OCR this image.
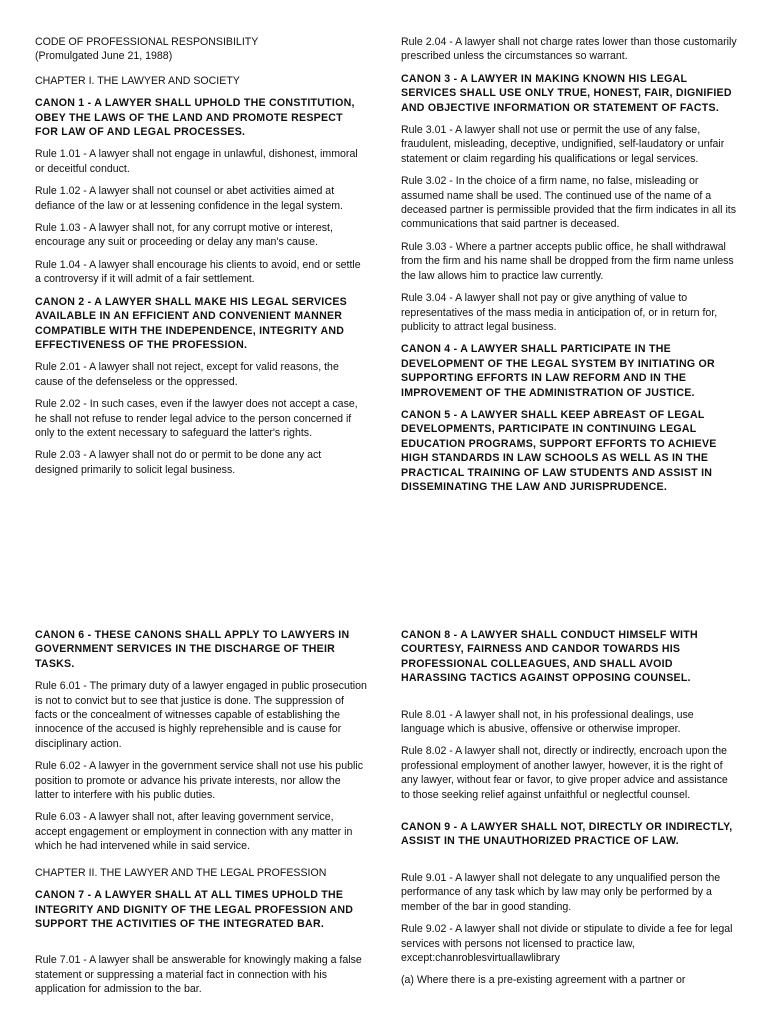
CODE OF PROFESSIONAL RESPONSIBILITY
(Promulgated June 21, 1988)

CHAPTER I. THE LAWYER AND SOCIETY

CANON 1 - A LAWYER SHALL UPHOLD THE CONSTITUTION, OBEY THE LAWS OF THE LAND AND PROMOTE RESPECT FOR LAW OF AND LEGAL PROCESSES.

Rule 1.01 - A lawyer shall not engage in unlawful, dishonest, immoral or deceitful conduct.

Rule 1.02 - A lawyer shall not counsel or abet activities aimed at defiance of the law or at lessening confidence in the legal system.

Rule 1.03 - A lawyer shall not, for any corrupt motive or interest, encourage any suit or proceeding or delay any man's cause.

Rule 1.04 - A lawyer shall encourage his clients to avoid, end or settle a controversy if it will admit of a fair settlement.

CANON 2 - A LAWYER SHALL MAKE HIS LEGAL SERVICES AVAILABLE IN AN EFFICIENT AND CONVENIENT MANNER COMPATIBLE WITH THE INDEPENDENCE, INTEGRITY AND EFFECTIVENESS OF THE PROFESSION.

Rule 2.01 - A lawyer shall not reject, except for valid reasons, the cause of the defenseless or the oppressed.

Rule 2.02 - In such cases, even if the lawyer does not accept a case, he shall not refuse to render legal advice to the person concerned if only to the extent necessary to safeguard the latter's rights.

Rule 2.03 - A lawyer shall not do or permit to be done any act designed primarily to solicit legal business.

Rule 2.04 - A lawyer shall not charge rates lower than those customarily prescribed unless the circumstances so warrant.

CANON 3 - A LAWYER IN MAKING KNOWN HIS LEGAL SERVICES SHALL USE ONLY TRUE, HONEST, FAIR, DIGNIFIED AND OBJECTIVE INFORMATION OR STATEMENT OF FACTS.

Rule 3.01 - A lawyer shall not use or permit the use of any false, fraudulent, misleading, deceptive, undignified, self-laudatory or unfair statement or claim regarding his qualifications or legal services.

Rule 3.02 - In the choice of a firm name, no false, misleading or assumed name shall be used. The continued use of the name of a deceased partner is permissible provided that the firm indicates in all its communications that said partner is deceased.

Rule 3.03 - Where a partner accepts public office, he shall withdrawal from the firm and his name shall be dropped from the firm name unless the law allows him to practice law currently.

Rule 3.04 - A lawyer shall not pay or give anything of value to representatives of the mass media in anticipation of, or in return for, publicity to attract legal business.

CANON 4 - A LAWYER SHALL PARTICIPATE IN THE DEVELOPMENT OF THE LEGAL SYSTEM BY INITIATING OR SUPPORTING EFFORTS IN LAW REFORM AND IN THE IMPROVEMENT OF THE ADMINISTRATION OF JUSTICE.

CANON 5 - A LAWYER SHALL KEEP ABREAST OF LEGAL DEVELOPMENTS, PARTICIPATE IN CONTINUING LEGAL EDUCATION PROGRAMS, SUPPORT EFFORTS TO ACHIEVE HIGH STANDARDS IN LAW SCHOOLS AS WELL AS IN THE PRACTICAL TRAINING OF LAW STUDENTS AND ASSIST IN DISSEMINATING THE LAW AND JURISPRUDENCE.

CANON 6 - THESE CANONS SHALL APPLY TO LAWYERS IN GOVERNMENT SERVICES IN THE DISCHARGE OF THEIR TASKS.

Rule 6.01 - The primary duty of a lawyer engaged in public prosecution is not to convict but to see that justice is done. The suppression of facts or the concealment of witnesses capable of establishing the innocence of the accused is highly reprehensible and is cause for disciplinary action.

Rule 6.02 - A lawyer in the government service shall not use his public position to promote or advance his private interests, nor allow the latter to interfere with his public duties.

Rule 6.03 - A lawyer shall not, after leaving government service, accept engagement or employment in connection with any matter in which he had intervened while in said service.

CHAPTER II. THE LAWYER AND THE LEGAL PROFESSION

CANON 7 - A LAWYER SHALL AT ALL TIMES UPHOLD THE INTEGRITY AND DIGNITY OF THE LEGAL PROFESSION AND SUPPORT THE ACTIVITIES OF THE INTEGRATED BAR.

Rule 7.01 - A lawyer shall be answerable for knowingly making a false statement or suppressing a material fact in connection with his application for admission to the bar.

CANON 8 - A LAWYER SHALL CONDUCT HIMSELF WITH COURTESY, FAIRNESS AND CANDOR TOWARDS HIS PROFESSIONAL COLLEAGUES, AND SHALL AVOID HARASSING TACTICS AGAINST OPPOSING COUNSEL.

Rule 8.01 - A lawyer shall not, in his professional dealings, use language which is abusive, offensive or otherwise improper.

Rule 8.02 - A lawyer shall not, directly or indirectly, encroach upon the professional employment of another lawyer, however, it is the right of any lawyer, without fear or favor, to give proper advice and assistance to those seeking relief against unfaithful or neglectful counsel.

CANON 9 - A LAWYER SHALL NOT, DIRECTLY OR INDIRECTLY, ASSIST IN THE UNAUTHORIZED PRACTICE OF LAW.

Rule 9.01 - A lawyer shall not delegate to any unqualified person the performance of any task which by law may only be performed by a member of the bar in good standing.

Rule 9.02 - A lawyer shall not divide or stipulate to divide a fee for legal services with persons not licensed to practice law, except:chanroblesvirtuallawlibrary

(a) Where there is a pre-existing agreement with a partner or
